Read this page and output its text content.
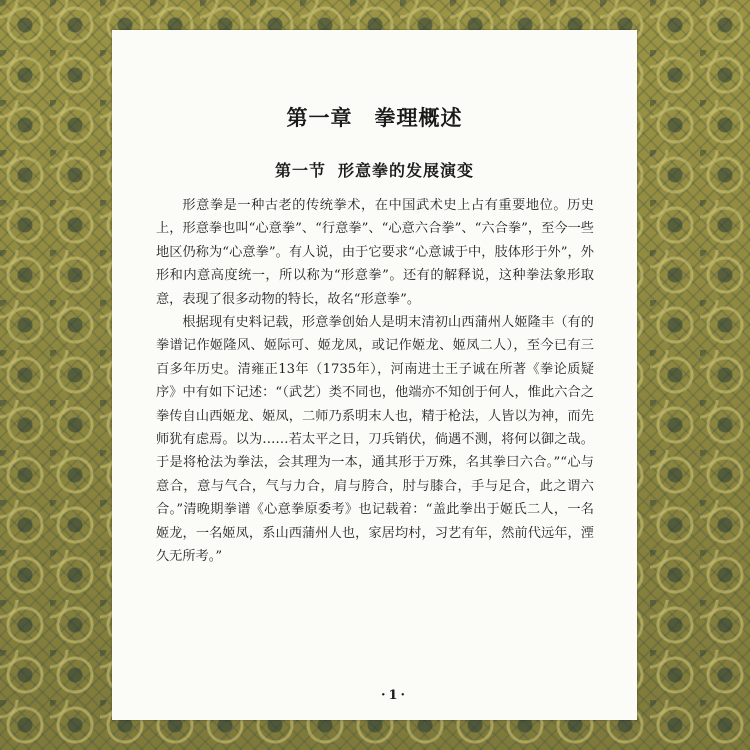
第一章 拳理概述
第一节 形意拳的发展演变

形意拳是一种古老的传统拳术，在中国武术史上占有重要地位。历史上，形意拳也叫“心意拳”、“行意拳”、“心意六合拳”、“六合拳”，至今一些地区仍称为“心意拳”。有人说，由于它要求“心意诚于中，肢体形于外”，外形和内意高度统一，所以称为“形意拳”。还有的解释说，这种拳法象形取意，表现了很多动物的特长，故名“形意拳”。

根据现有史料记载，形意拳创始人是明末清初山西蒲州人姬隆丰（有的拳谱记作姬隆风、姬际可、姬龙凤，或记作姬龙、姬凤二人），至今已有三百多年历史。清雍正13年（1735年），河南进士王子诚在所著《拳论质疑序》中有如下记述：“（武艺）类不同也，他端亦不知创于何人，惟此六合之拳传自山西姬龙、姬凤，二师乃系明末人也，精于枪法，人皆以为神，而先师犹有虑焉。以为……若太平之日，刀兵销伏，倘遇不测，将何以御之哉。于是将枪法为拳法，会其理为一本，通其形于万殊，名其拳曰六合。”“心与意合，意与气合，气与力合，肩与胯合，肘与膝合，手与足合，此之谓六合。”清晚期拳谱《心意拳原委考》也记载着：“盖此拳出于姬氏二人，一名姬龙，一名姬凤，系山西蒲州人也，家居均村，习艺有年，然前代远年，湮久无所考。”

·1·
